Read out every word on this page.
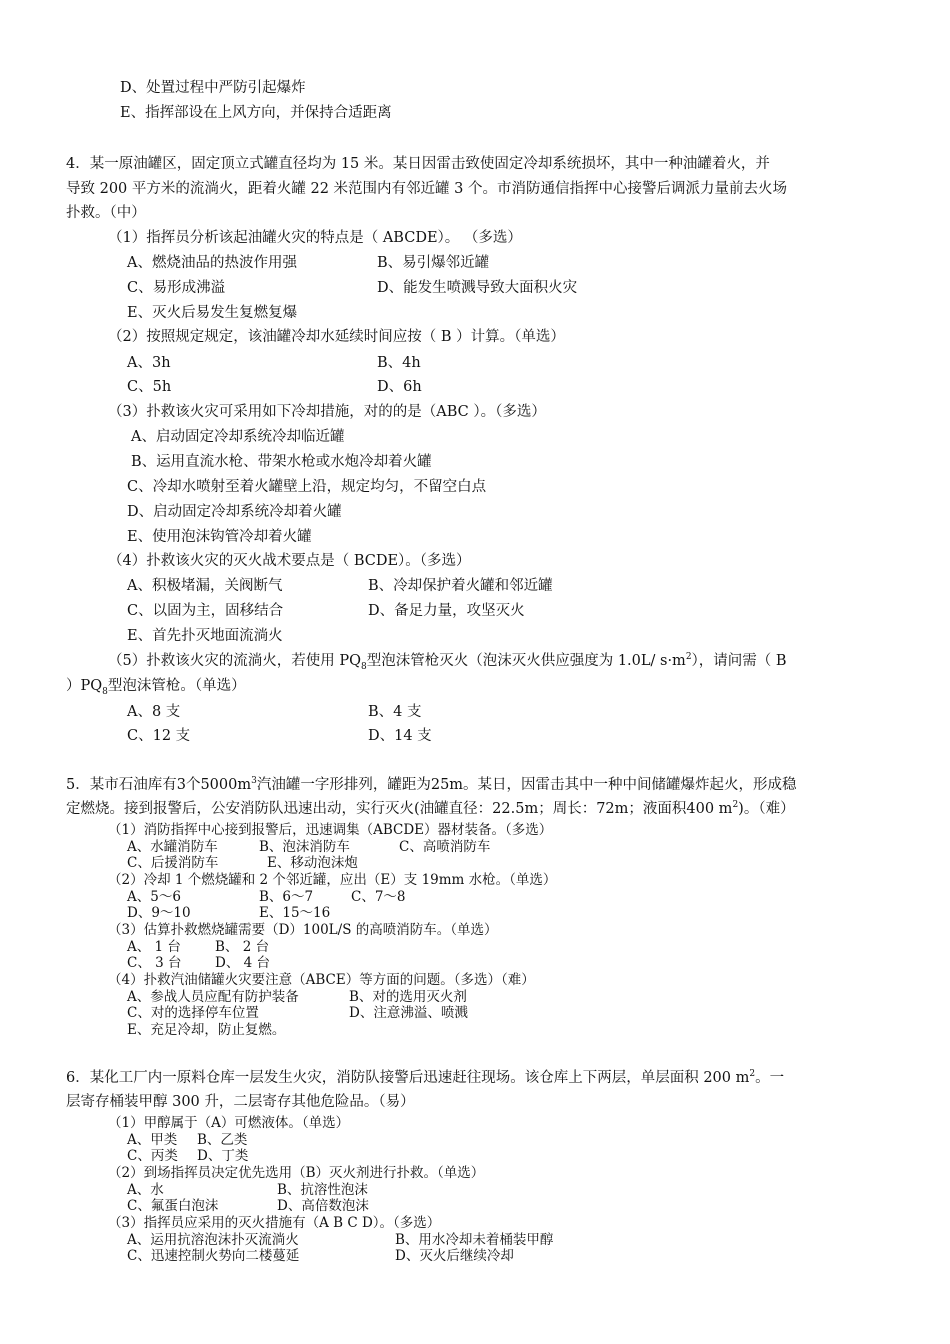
D、处置过程中严防引起爆炸
E、指挥部设在上风方向，并保持合适距离
4．某一原油罐区，固定顶立式罐直径均为 15 米。某日因雷击致使固定冷却系统损坏，其中一种油罐着火，并
导致 200 平方米的流淌火，距着火罐 22 米范围内有邻近罐 3 个。市消防通信指挥中心接警后调派力量前去火场
扑救。（中）
（1）指挥员分析该起油罐火灾的特点是（ ABCDE）。 （多选）
A、燃烧油品的热波作用强	B、易引爆邻近罐
C、易形成沸溢	D、能发生喷溅导致大面积火灾
E、灭火后易发生复燃复爆
（2）按照规定规定，该油罐冷却水延续时间应按（ B ）计算。（单选）
A、3h	B、4h
C、5h	D、6h
（3）扑救该火灾可采用如下冷却措施，对的的是（ABC ）。（多选）
A、启动固定冷却系统冷却临近罐
B、运用直流水枪、带架水枪或水炮冷却着火罐
C、冷却水喷射至着火罐壁上沿，规定均匀，不留空白点
D、启动固定冷却系统冷却着火罐
E、使用泡沫钩管冷却着火罐
（4）扑救该火灾的灭火战术要点是（ BCDE）。（多选）
A、积极堵漏，关阀断气	B、冷却保护着火罐和邻近罐
C、以固为主，固移结合	D、备足力量，攻坚灭火
E、首先扑灭地面流淌火
（5）扑救该火灾的流淌火，若使用 $PQ_8$型泡沫管枪灭火（泡沫灭火供应强度为 1.0L/ $s\cdot m^2$），请问需（ B
）$PQ_8$型泡沫管枪。（单选）
A、8 支	B、4 支
C、12 支	D、14 支
5．某市石油库有3个$5000m^3$汽油罐一字形排列，罐距为25m。某日，因雷击其中一种中间储罐爆炸起火，形成稳
定燃烧。接到报警后，公安消防队迅速出动，实行灭火(油罐直径：22.5m；周长：72m；液面积400 $m^2$)。（难）
（1）消防指挥中心接到报警后，迅速调集（ABCDE）器材装备。（多选）
A、水罐消防车	B、泡沫消防车	C、高喷消防车
C、后援消防车	E、移动泡沫炮
（2）冷却 1 个燃烧罐和 2 个邻近罐，应出（E）支 19mm 水枪。（单选）
A、5～6	B、6～7	C、7～8
D、9～10	E、15～16
（3）估算扑救燃烧罐需要（D）100L/S 的高喷消防车。（单选）
A、 1 台	B、 2 台
C、 3 台 D、 4 台
（4）扑救汽油储罐火灾要注意（ABCE）等方面的问题。（多选）（难）
A、参战人员应配有防护装备	B、对的选用灭火剂
C、对的选择停车位置	D、注意沸溢、喷溅
E、充足冷却，防止复燃。
6．某化工厂内一原料仓库一层发生火灾，消防队接警后迅速赶往现场。该仓库上下两层，单层面积 200 $m^2$。一
层寄存桶装甲醇 300 升，二层寄存其他危险品。（易）
（1）甲醇属于（A）可燃液体。（单选）
A、甲类 B、乙类
C、丙类 D、丁类
（2）到场指挥员决定优先选用（B）灭火剂进行扑救。（单选）
A、水	B、抗溶性泡沫
C、氟蛋白泡沫	D、高倍数泡沫
（3）指挥员应采用的灭火措施有（A B C D）。（多选）
A、运用抗溶泡沫扑灭流淌火	B、用水冷却未着桶装甲醇
C、迅速控制火势向二楼蔓延	D、灭火后继续冷却
